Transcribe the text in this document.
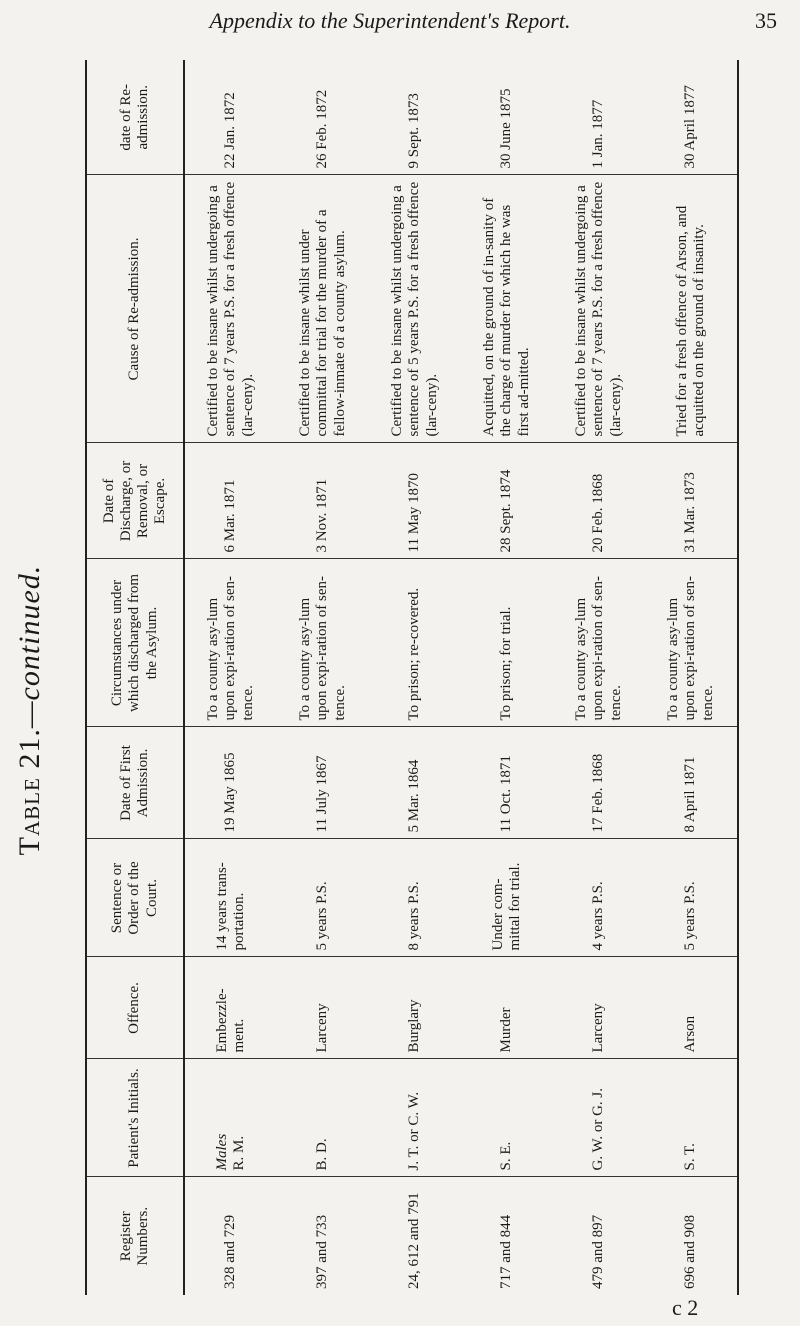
Appendix to the Superintendent's Report.	35
Table 21.—continued.
Register Numbers.	Patient's Initials.	Offence.	Sentence or Order of the Court.	Date of First Admission.	Circumstances under which discharged from the Asylum.	Date of Discharge, or Removal, or Escape.	Cause of Re-admission.	date of Re-admission.
328 and 729	Males R. M.	Embezzle-ment.	14 years trans-portation.	19 May 1865	To a county asy-lum upon expi-ration of sen-tence.	6 Mar. 1871	Certified to be insane whilst undergoing a sentence of 7 years P.S. for a fresh offence (lar-ceny).	22 Jan. 1872
397 and 733	B. D.	Larceny	5 years P.S.	11 July 1867	To a county asy-lum upon expi-ration of sen-tence.	3 Nov. 1871	Certified to be insane whilst under committal for trial for the murder of a fellow-inmate of a county asylum.	26 Feb. 1872
24, 612 and 791	J. T. or C. W.	Burglary	8 years P.S.	5 Mar. 1864	To prison; re-covered.	11 May 1870	Certified to be insane whilst undergoing a sentence of 5 years P.S. for a fresh offence (lar-ceny).	9 Sept. 1873
717 and 844	S. E.	Murder	Under com-mittal for trial.	11 Oct. 1871	To prison; for trial.	28 Sept. 1874	Acquitted, on the ground of in-sanity of the charge of murder for which he was first ad-mitted.	30 June 1875
479 and 897	G. W. or G. J.	Larceny	4 years P.S.	17 Feb. 1868	To a county asy-lum upon expi-ration of sen-tence.	20 Feb. 1868	Certified to be insane whilst undergoing a sentence of 7 years P.S. for a fresh offence (lar-ceny).	1 Jan. 1877
696 and 908	S. T.	Arson	5 years P.S.	8 April 1871	To a county asy-lum upon expi-ration of sen-tence.	31 Mar. 1873	Tried for a fresh offence of Arson, and acquitted on the ground of insanity.	30 April 1877
c 2
